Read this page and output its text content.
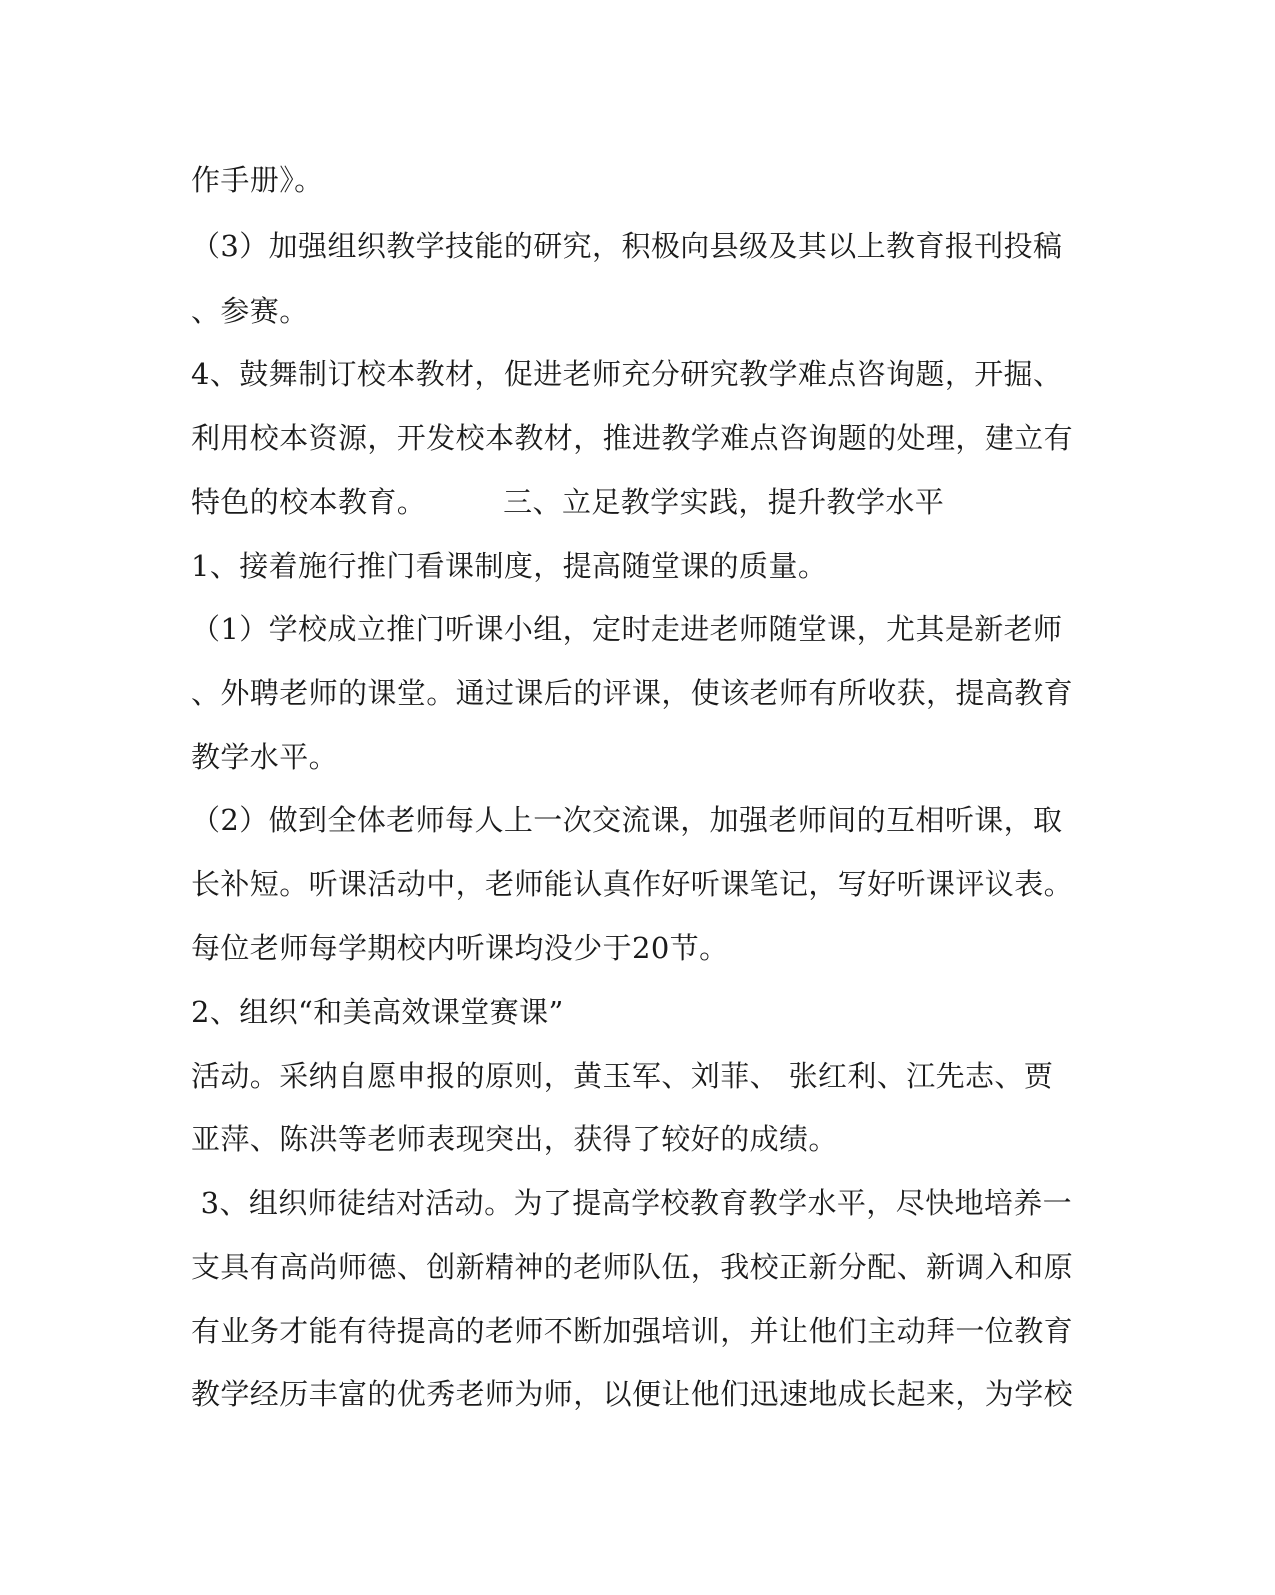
作手册》。
（3）加强组织教学技能的研究，积极向县级及其以上教育报刊投稿
、参赛。
4、鼓舞制订校本教材，促进老师充分研究教学难点咨询题，开掘、
利用校本资源，开发校本教材，推进教学难点咨询题的处理，建立有
特色的校本教育。        三、立足教学实践，提升教学水平
1、接着施行推门看课制度，提高随堂课的质量。
（1）学校成立推门听课小组，定时走进老师随堂课，尤其是新老师
、外聘老师的课堂。通过课后的评课，使该老师有所收获，提高教育
教学水平。
（2）做到全体老师每人上一次交流课，加强老师间的互相听课，取
长补短。听课活动中，老师能认真作好听课笔记，写好听课评议表。
每位老师每学期校内听课均没少于20节。
2、组织“和美高效课堂赛课”
活动。采纳自愿申报的原则，黄玉军、刘菲、 张红利、江先志、贾
亚萍、陈洪等老师表现突出，获得了较好的成绩。
3、组织师徒结对活动。为了提高学校教育教学水平，尽快地培养一
支具有高尚师德、创新精神的老师队伍，我校正新分配、新调入和原
有业务才能有待提高的老师不断加强培训，并让他们主动拜一位教育
教学经历丰富的优秀老师为师，以便让他们迅速地成长起来，为学校
